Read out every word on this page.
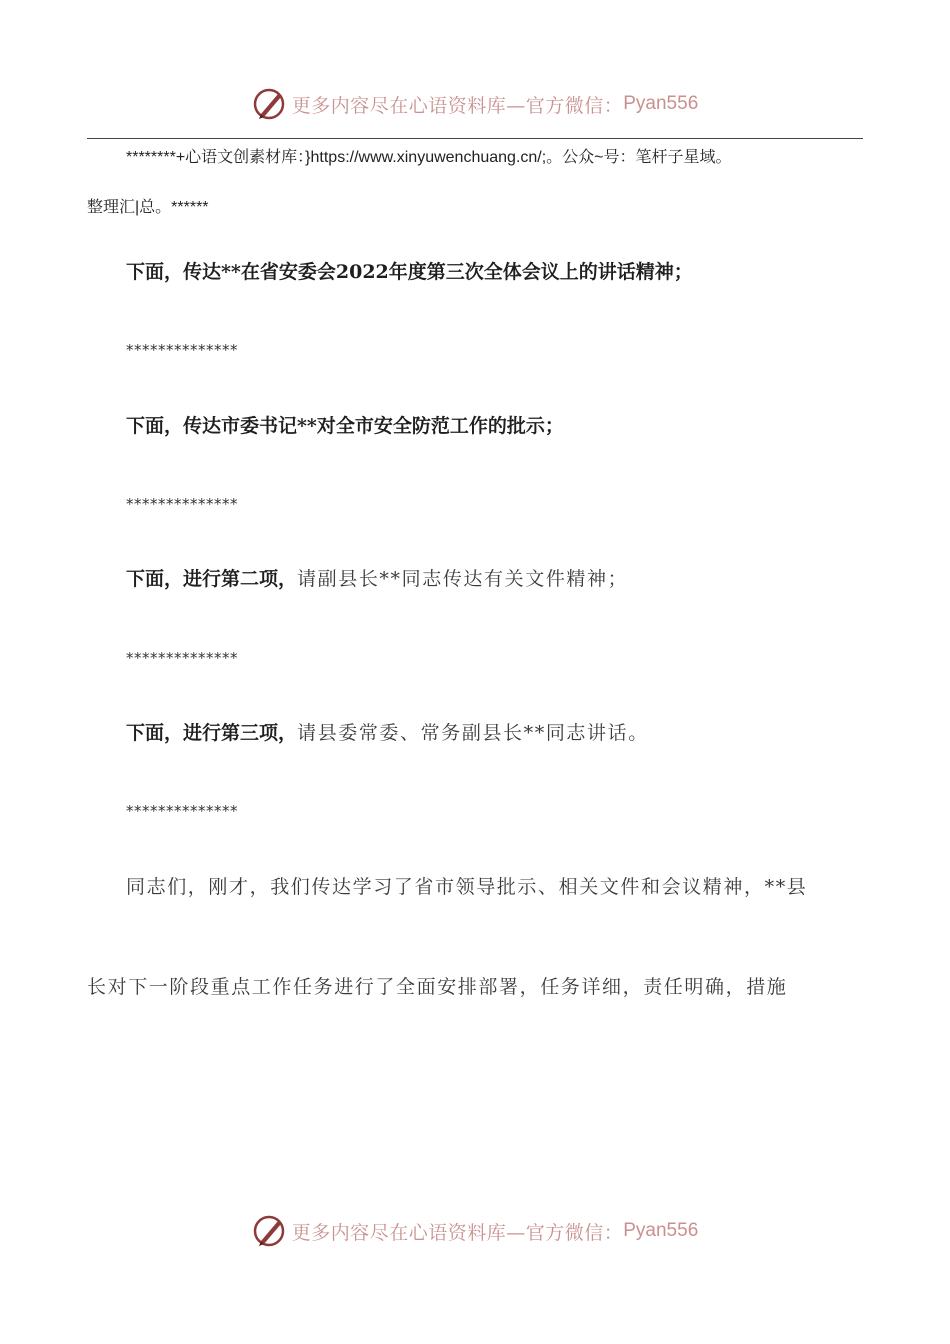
更多内容尽在心语资料库—官方微信： Pyan556
********+心语文创素材库：}https://www.xinyuwenchuang.cn/;。公众~号：笔杆子星域。
整理汇|总。******
下面，传达**在省安委会2022年度第三次全体会议上的讲话精神；
**************
下面，传达市委书记**对全市安全防范工作的批示；
**************
下面，进行第二项，请副县长**同志传达有关文件精神；
**************
下面，进行第三项，请县委常委、常务副县长**同志讲话。
**************
同志们，刚才，我们传达学习了省市领导批示、相关文件和会议精神，**县
长对下一阶段重点工作任务进行了全面安排部署，任务详细，责任明确，措施
更多内容尽在心语资料库—官方微信： Pyan556
